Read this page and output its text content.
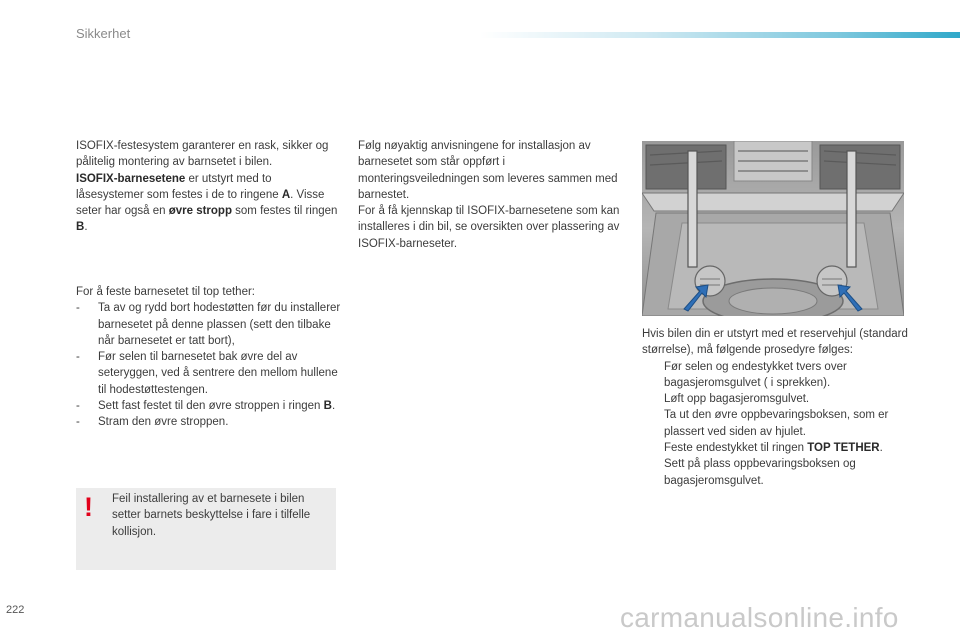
Sikkerhet

ISOFIX-festesystem garanterer en rask, sikker og pålitelig montering av barnsetet i bilen.
ISOFIX-barnesetene er utstyrt med to låsesystemer som festes i de to ringene A. Visse seter har også en øvre stropp som festes til ringen B.

Følg nøyaktig anvisningene for installasjon av barnesetet som står oppført i monteringsveiledningen som leveres sammen med barnestet.

For å få kjennskap til ISOFIX-barnesetene som kan installeres i din bil, se oversikten over plassering av ISOFIX-barneseter.

For å feste barnesetet til top tether:

- Ta av og rydd bort hodestøtten før du installerer barnesetet på denne plassen (sett den tilbake når barnesetet er tatt bort),
- Før selen til barnesetet bak øvre del av seteryggen, ved å sentrere den mellom hullene til hodestøttestengen.
- Sett fast festet til den øvre stroppen i ringen B.
- Stram den øvre stroppen.
! Feil installering av et barnesete i bilen setter barnets beskyttelse i fare i tilfelle kollisjon.

Hvis bilen din er utstyrt med et reservehjul (standard størrelse), må følgende prosedyre følges:

Før selen og endestykket tvers over bagasjeromsgulvet ( i sprekken).
Løft opp bagasjeromsgulvet.
Ta ut den øvre oppbevaringsboksen, som er plassert ved siden av hjulet.
Feste endestykket til ringen TOP TETHER.
Sett på plass oppbevaringsboksen og bagasjeromsgulvet.
222	carmanualsonline.info
